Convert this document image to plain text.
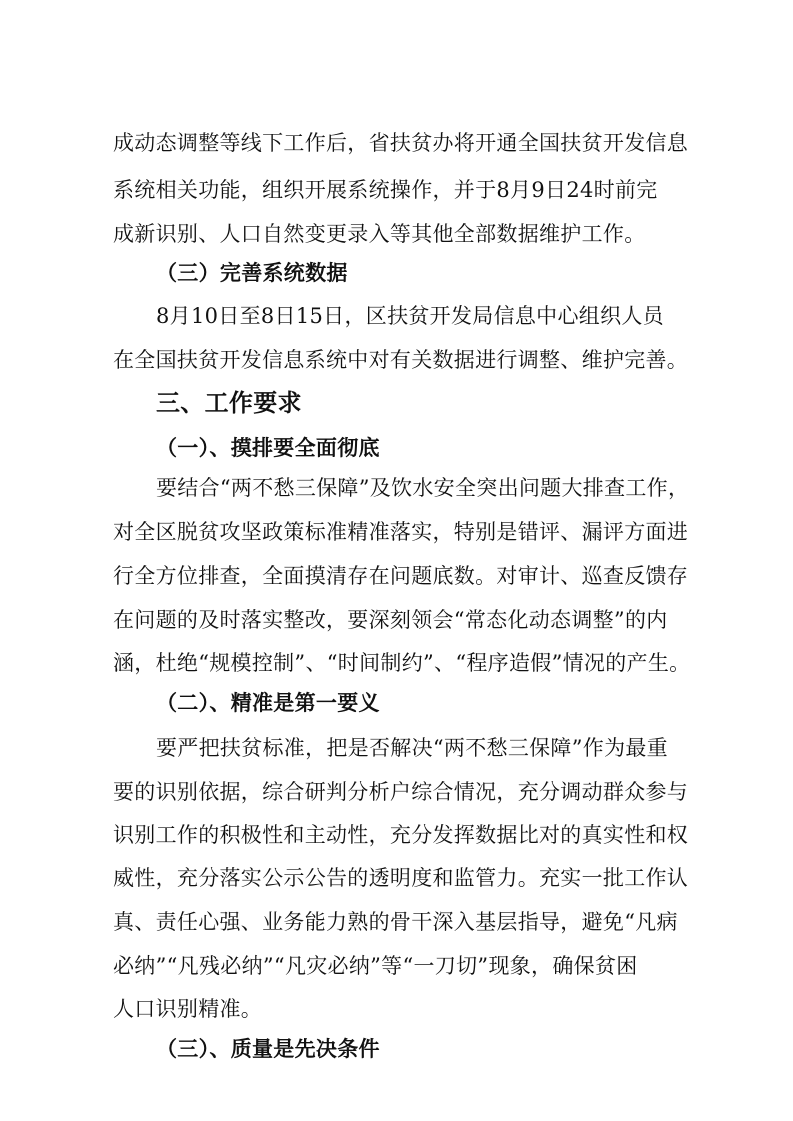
成动态调整等线下工作后，省扶贫办将开通全国扶贫开发信息
系统相关功能，组织开展系统操作，并于8月9日24时前完
成新识别、人口自然变更录入等其他全部数据维护工作。
（三）完善系统数据
8月10日至8日15日，区扶贫开发局信息中心组织人员
在全国扶贫开发信息系统中对有关数据进行调整、维护完善。
三、工作要求
（一）、摸排要全面彻底
要结合“两不愁三保障”及饮水安全突出问题大排查工作，
对全区脱贫攻坚政策标准精准落实，特别是错评、漏评方面进
行全方位排查，全面摸清存在问题底数。对审计、巡查反馈存
在问题的及时落实整改，要深刻领会“常态化动态调整”的内
涵，杜绝“规模控制”、“时间制约”、“程序造假”情况的产生。
（二）、精准是第一要义
要严把扶贫标准，把是否解决“两不愁三保障”作为最重
要的识别依据，综合研判分析户综合情况，充分调动群众参与
识别工作的积极性和主动性，充分发挥数据比对的真实性和权
威性，充分落实公示公告的透明度和监管力。充实一批工作认
真、责任心强、业务能力熟的骨干深入基层指导，避免“凡病
必纳”“凡残必纳”“凡灾必纳”等“一刀切”现象，确保贫困
人口识别精准。
（三）、质量是先决条件
